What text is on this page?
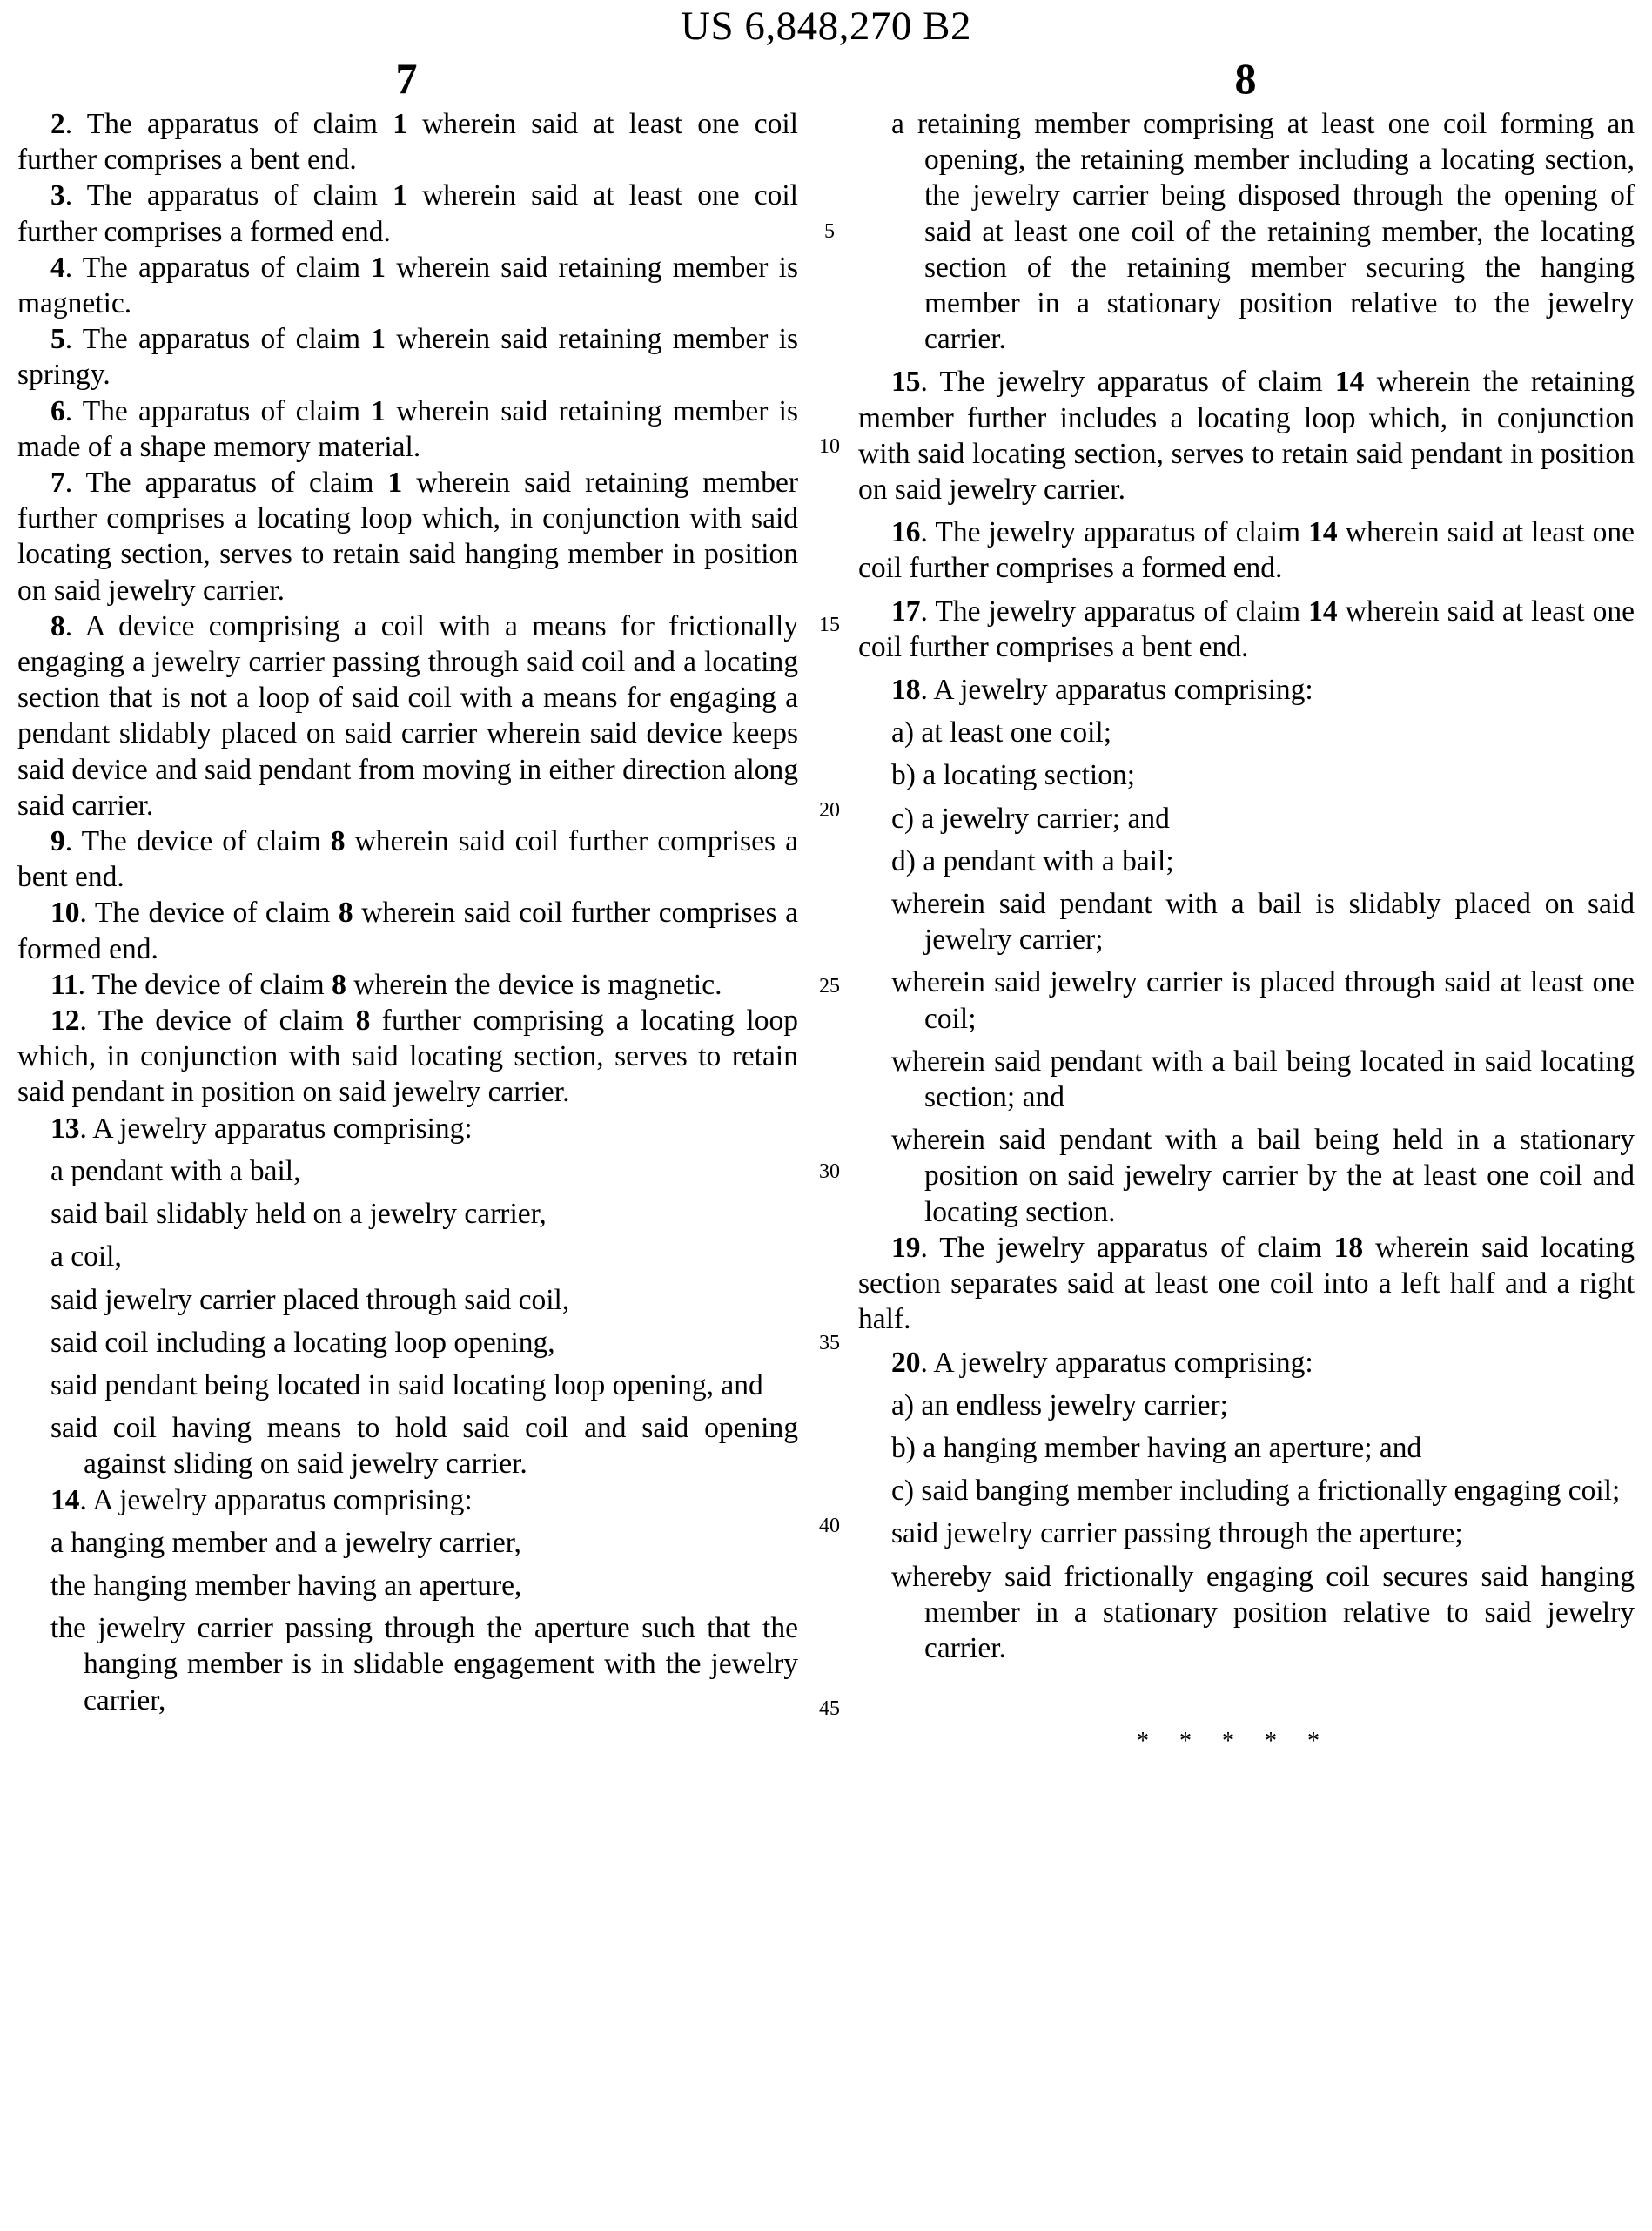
US 6,848,270 B2
7	8

2. The apparatus of claim 1 wherein said at least one coil further comprises a bent end.

3. The apparatus of claim 1 wherein said at least one coil further comprises a formed end.

4. The apparatus of claim 1 wherein said retaining member is magnetic.

5. The apparatus of claim 1 wherein said retaining member is springy.

6. The apparatus of claim 1 wherein said retaining member is made of a shape memory material.

7. The apparatus of claim 1 wherein said retaining member further comprises a locating loop which, in conjunction with said locating section, serves to retain said hanging member in position on said jewelry carrier.

8. A device comprising a coil with a means for frictionally engaging a jewelry carrier passing through said coil and a locating section that is not a loop of said coil with a means for engaging a pendant slidably placed on said carrier wherein said device keeps said device and said pendant from moving in either direction along said carrier.

9. The device of claim 8 wherein said coil further comprises a bent end.

10. The device of claim 8 wherein said coil further comprises a formed end.

11. The device of claim 8 wherein the device is magnetic.

12. The device of claim 8 further comprising a locating loop which, in conjunction with said locating section, serves to retain said pendant in position on said jewelry carrier.

13. A jewelry apparatus comprising:

a pendant with a bail,

said bail slidably held on a jewelry carrier,

a coil,

said jewelry carrier placed through said coil,

said coil including a locating loop opening,

said pendant being located in said locating loop opening, and

said coil having means to hold said coil and said opening against sliding on said jewelry carrier.

14. A jewelry apparatus comprising:

a hanging member and a jewelry carrier,

the hanging member having an aperture,

the jewelry carrier passing through the aperture such that the hanging member is in slidable engagement with the jewelry carrier,

5
10
15
20
25
30
35
40
45

a retaining member comprising at least one coil forming an opening, the retaining member including a locating section, the jewelry carrier being disposed through the opening of said at least one coil of the retaining member, the locating section of the retaining member securing the hanging member in a stationary position relative to the jewelry carrier.

15. The jewelry apparatus of claim 14 wherein the retaining member further includes a locating loop which, in conjunction with said locating section, serves to retain said pendant in position on said jewelry carrier.

16. The jewelry apparatus of claim 14 wherein said at least one coil further comprises a formed end.

17. The jewelry apparatus of claim 14 wherein said at least one coil further comprises a bent end.

18. A jewelry apparatus comprising:

a) at least one coil;

b) a locating section;

c) a jewelry carrier; and

d) a pendant with a bail;

wherein said pendant with a bail is slidably placed on said jewelry carrier;

wherein said jewelry carrier is placed through said at least one coil;

wherein said pendant with a bail being located in said locating section; and

wherein said pendant with a bail being held in a stationary position on said jewelry carrier by the at least one coil and locating section.

19. The jewelry apparatus of claim 18 wherein said locating section separates said at least one coil into a left half and a right half.

20. A jewelry apparatus comprising:

a) an endless jewelry carrier;

b) a hanging member having an aperture; and

c) said banging member including a frictionally engaging coil;

said jewelry carrier passing through the aperture;

whereby said frictionally engaging coil secures said hanging member in a stationary position relative to said jewelry carrier.

* * * * *
